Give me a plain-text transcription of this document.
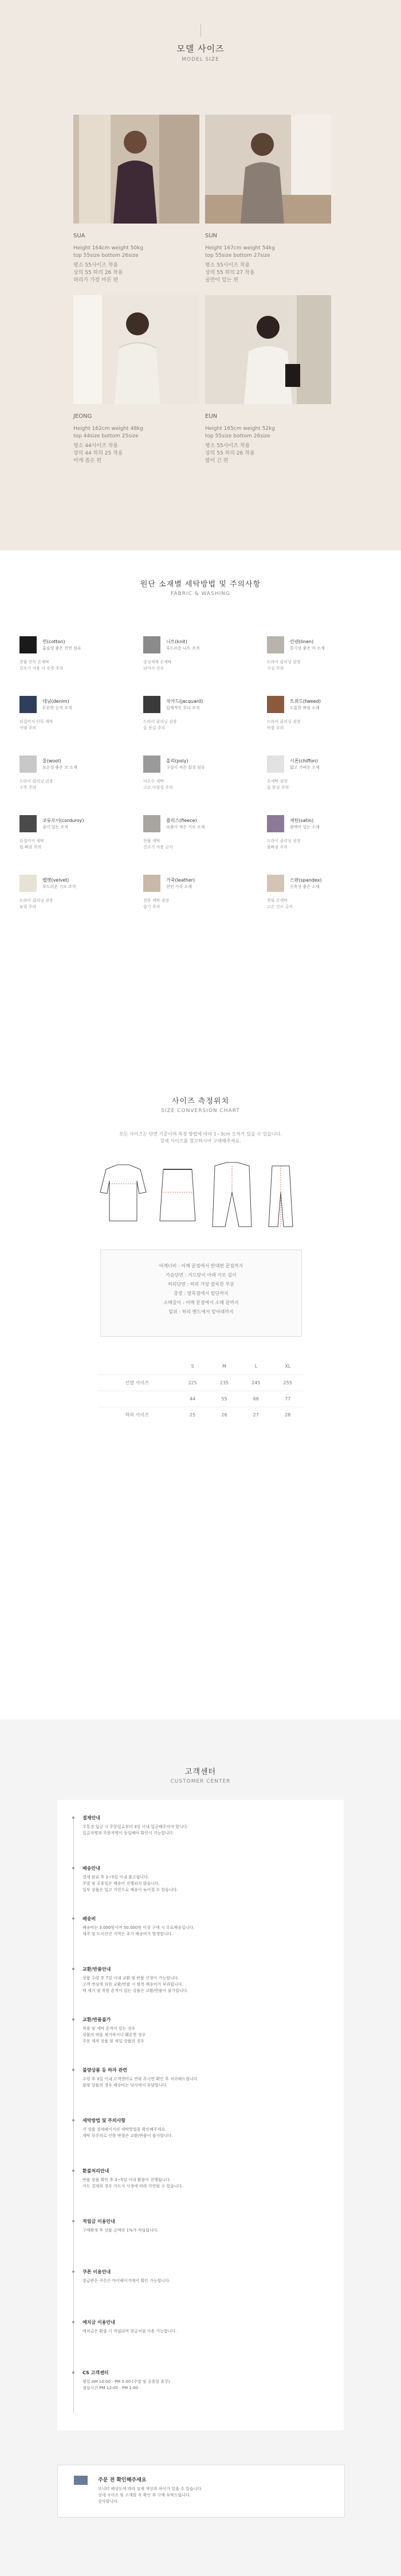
모델 사이즈
MODEL SIZE
SUA
Height 164cm weight 50kg
top 55size bottom 26size
평소 55사이즈 착용
상의 55 하의 26 착용
허리가 가장 마른 편
SUN
Height 167cm weight 54kg
top 55size bottom 27size
평소 55사이즈 착용
상의 55 하의 27 착용
골반이 있는 편
JEONG
Height 162cm weight 48kg
top 44size bottom 25size
평소 44사이즈 착용
상의 44 하의 25 착용
어깨 좁은 편
EUN
Height 165cm weight 52kg
top 55size bottom 26size
평소 55사이즈 착용
상의 55 하의 26 착용
팔이 긴 편
원단 소재별 세탁방법 및 주의사항
FABRIC & WASHING
면(cotton)
흡습성 좋은 천연 섬유
찬물 단독 손세탁
건조기 사용 시 수축 주의
니트(knit)
부드러운 니트 조직
중성세제 손세탁
뉘어서 건조
린넨(linen)
통기성 좋은 마 소재
드라이 클리닝 권장
구김 주의
데님(denim)
튼튼한 능직 조직
뒤집어서 단독 세탁
이염 주의
자카드(jacquard)
입체적인 무늬 조직
드라이 클리닝 권장
올 뜯김 주의
트위드(tweed)
도톰한 짜임 소재
드라이 클리닝 권장
마찰 주의
울(wool)
보온성 좋은 모 소재
드라이 클리닝 권장
수축 주의
폴리(poly)
구김이 적은 합성 섬유
미온수 세탁
고온 다림질 주의
시폰(chiffon)
얇고 가벼운 소재
손세탁 권장
올 뜯김 주의
코듀로이(corduroy)
골이 있는 조직
뒤집어서 세탁
털 빠짐 주의
플리스(fleece)
보풀이 적은 기모 소재
찬물 세탁
건조기 사용 금지
새틴(satin)
광택이 있는 소재
드라이 클리닝 권장
물빠짐 주의
벨벳(velvet)
부드러운 기모 조직
드라이 클리닝 권장
눌림 주의
가죽(leather)
천연 가죽 소재
전문 세탁 권장
습기 주의
스판(spandex)
신축성 좋은 소재
찬물 손세탁
고온 건조 금지
사이즈 측정위치
SIZE CONVERSION CHART
모든 사이즈는 단면 기준이며 측정 방법에 따라 1~3cm 오차가 있을 수 있습니다.
상세 사이즈를 참고하시어 구매해주세요.
어깨너비 : 어깨 끝점에서 반대편 끝점까지
가슴단면 : 겨드랑이 아래 가로 길이
허리단면 : 허리 가장 잘록한 부분
총장 : 옆목점에서 밑단까지
소매길이 : 어깨 끝점에서 소매 끝까지
밑위 : 허리 밴드에서 밑아래까지
	S	M	L	XL
신발 사이즈	225	235	245	255
	44	55	66	77
하의 사이즈	25	26	27	28
고객센터
CUSTOMER CENTER
결제안내
무통장 입금 시 주문일로부터 3일 이내 입금해주셔야 합니다.
입금자명과 주문자명이 동일해야 확인이 가능합니다.
배송안내
결제 완료 후 2~5일 이내 출고됩니다.
주말 및 공휴일은 배송이 진행되지 않습니다.
일부 상품은 입고 지연으로 배송이 늦어질 수 있습니다.
배송비
배송비는 3,000원이며 50,000원 이상 구매 시 무료배송입니다.
제주 및 도서산간 지역은 추가 배송비가 발생합니다.
교환/반품안내
상품 수령 후 7일 이내 교환 및 반품 신청이 가능합니다.
고객 변심에 의한 교환/반품 시 왕복 배송비가 부과됩니다.
택 제거 및 착용 흔적이 있는 상품은 교환/반품이 불가합니다.
교환/반품불가
착용 및 세탁 흔적이 있는 경우
상품의 택을 제거하거나 훼손한 경우
주문 제작 상품 및 세일 상품의 경우
불량상품 등 하자 관련
수령 후 3일 이내 고객센터로 연락 주시면 확인 후 처리해드립니다.
불량 상품의 경우 배송비는 당사에서 부담합니다.
세탁방법 및 주의사항
각 상품 상세페이지의 세탁방법을 확인해주세요.
세탁 부주의로 인한 변형은 교환/반품이 불가합니다.
환불처리안내
반품 상품 확인 후 3~5일 이내 환불이 진행됩니다.
카드 결제의 경우 카드사 사정에 따라 지연될 수 있습니다.
적립금 이용안내
구매확정 후 상품 금액의 1%가 적립됩니다.
쿠폰 이용안내
발급받은 쿠폰은 마이페이지에서 확인 가능합니다.
예치금 이용안내
예치금은 환불 시 적립되며 현금처럼 사용 가능합니다.
CS 고객센터
평일 AM 10:00 - PM 5:00 (주말 및 공휴일 휴무)
점심시간 PM 12:00 - PM 1:00
주문 전 확인해주세요
모니터 해상도에 따라 실제 색상과 차이가 있을 수 있습니다.
상세 사이즈 및 소재를 꼭 확인 후 구매 부탁드립니다.
감사합니다.
